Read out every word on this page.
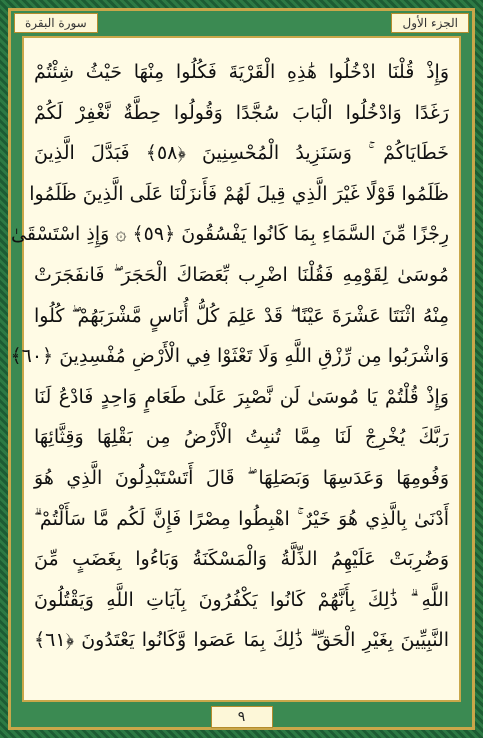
الجزء الأول
سورة البقرة
وَإِذْ قُلْنَا ادْخُلُوا هَٰذِهِ الْقَرْيَةَ فَكُلُوا مِنْهَا حَيْثُ شِئْتُمْ
رَغَدًا وَادْخُلُوا الْبَابَ سُجَّدًا وَقُولُوا حِطَّةٌ نَّغْفِرْ لَكُمْ
خَطَايَاكُمْ ۚ وَسَنَزِيدُ الْمُحْسِنِينَ ﴿٥٨﴾ فَبَدَّلَ الَّذِينَ
ظَلَمُوا قَوْلًا غَيْرَ الَّذِي قِيلَ لَهُمْ فَأَنزَلْنَا عَلَى الَّذِينَ ظَلَمُوا
رِجْزًا مِّنَ السَّمَاءِ بِمَا كَانُوا يَفْسُقُونَ ﴿٥٩﴾ ۞ وَإِذِ اسْتَسْقَىٰ
مُوسَىٰ لِقَوْمِهِ فَقُلْنَا اضْرِب بِّعَصَاكَ الْحَجَرَ ۖ فَانفَجَرَتْ
مِنْهُ اثْنَتَا عَشْرَةَ عَيْنًا ۖ قَدْ عَلِمَ كُلُّ أُنَاسٍ مَّشْرَبَهُمْ ۖ كُلُوا
وَاشْرَبُوا مِن رِّزْقِ اللَّهِ وَلَا تَعْثَوْا فِي الْأَرْضِ مُفْسِدِينَ ﴿٦٠﴾
وَإِذْ قُلْتُمْ يَا مُوسَىٰ لَن نَّصْبِرَ عَلَىٰ طَعَامٍ وَاحِدٍ فَادْعُ لَنَا
رَبَّكَ يُخْرِجْ لَنَا مِمَّا تُنبِتُ الْأَرْضُ مِن بَقْلِهَا وَقِثَّائِهَا
وَفُومِهَا وَعَدَسِهَا وَبَصَلِهَا ۖ قَالَ أَتَسْتَبْدِلُونَ الَّذِي هُوَ
أَدْنَىٰ بِالَّذِي هُوَ خَيْرٌ ۚ اهْبِطُوا مِصْرًا فَإِنَّ لَكُم مَّا سَأَلْتُمْ ۗ
وَضُرِبَتْ عَلَيْهِمُ الذِّلَّةُ وَالْمَسْكَنَةُ وَبَاءُوا بِغَضَبٍ مِّنَ
اللَّهِ ۗ ذَٰلِكَ بِأَنَّهُمْ كَانُوا يَكْفُرُونَ بِآيَاتِ اللَّهِ وَيَقْتُلُونَ
النَّبِيِّينَ بِغَيْرِ الْحَقِّ ۗ ذَٰلِكَ بِمَا عَصَوا وَّكَانُوا يَعْتَدُونَ ﴿٦١﴾
٩
